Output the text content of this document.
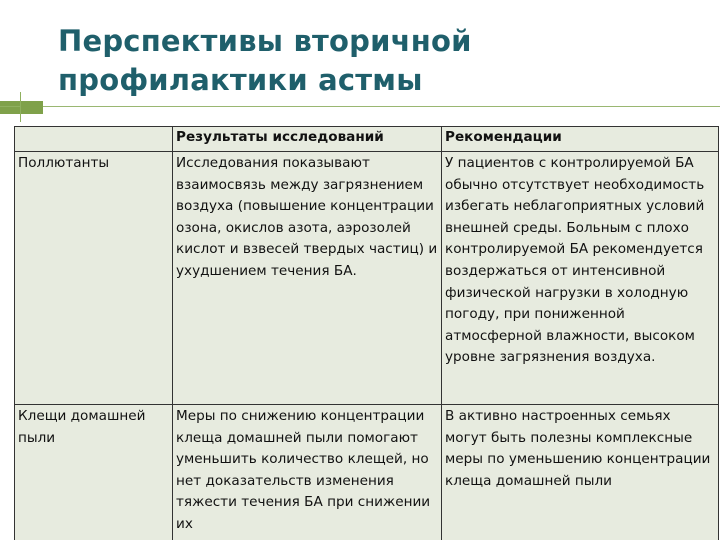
Перспективы вторичной
профилактики астмы
	Результаты исследований	Рекомендации
Поллютанты	Исследования показывают взаимосвязь между загрязнением воздуха (повышение концентрации озона, окислов азота, аэрозолей кислот и взвесей твердых частиц) и ухудшением течения БА.	У пациентов с контролируемой БА обычно отсутствует необходимость избегать неблагоприятных условий внешней среды. Больным с плохо контролируемой БА рекомендуется воздержаться от интенсивной физической нагрузки в холодную погоду, при пониженной атмосферной влажности, высоком уровне загрязнения воздуха.
Клещи домашней пыли	Меры по снижению концентрации клеща домашней пыли помогают уменьшить количество клещей, но нет доказательств изменения тяжести течения БА при снижении их	В активно настроенных семьях могут быть полезны комплексные меры по уменьшению концентрации клеща домашней пыли
